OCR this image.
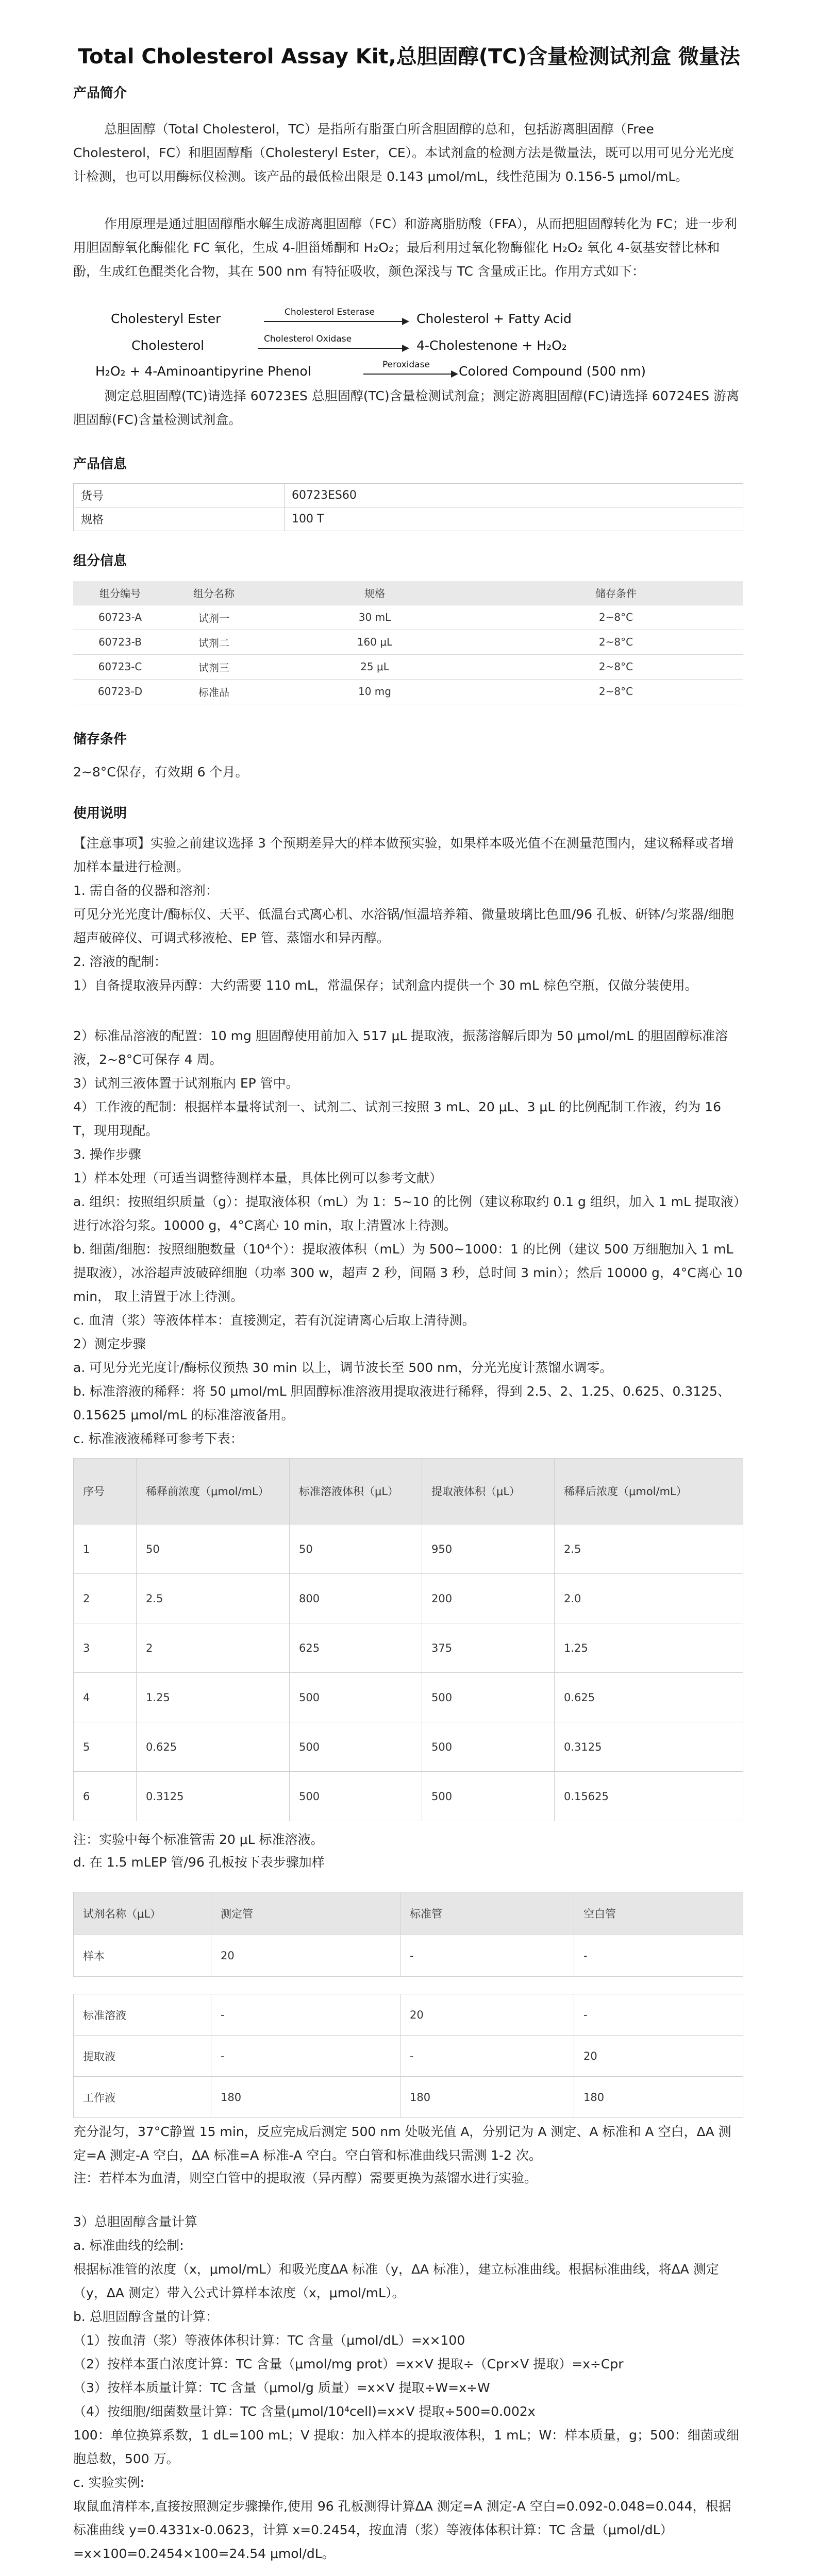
Total Cholesterol Assay Kit,总胆固醇(TC)含量检测试剂盒 微量法
产品简介
总胆固醇（Total Cholesterol，TC）是指所有脂蛋白所含胆固醇的总和，包括游离胆固醇（Free Cholesterol，FC）和胆固醇酯（Cholesteryl Ester，CE）。本试剂盒的检测方法是微量法，既可以用可见分光光度计检测，也可以用酶标仪检测。该产品的最低检出限是 0.143 μmol/mL，线性范围为 0.156-5 μmol/mL。
作用原理是通过胆固醇酯水解生成游离胆固醇（FC）和游离脂肪酸（FFA），从而把胆固醇转化为 FC；进一步利用胆固醇氧化酶催化 FC 氧化，生成 4-胆甾烯酮和 H₂O₂；最后利用过氧化物酶催化 H₂O₂ 氧化 4-氨基安替比林和酚，生成红色醌类化合物，其在 500 nm 有特征吸收，颜色深浅与 TC 含量成正比。作用方式如下：
Cholesteryl Ester	Cholesterol Esterase	Cholesterol + Fatty Acid
Cholesterol	Cholesterol Oxidase	4-Cholestenone + H₂O₂
H₂O₂ + 4-Aminoantipyrine Phenol	Peroxidase Colored Compound (500 nm)
测定总胆固醇(TC)请选择 60723ES 总胆固醇(TC)含量检测试剂盒；测定游离胆固醇(FC)请选择 60724ES 游离胆固醇(FC)含量检测试剂盒。
产品信息
货号	60723ES60
规格	100 T
组分信息
组分编号	组分名称	规格	储存条件
60723-A	试剂一	30 mL	2~8°C
60723-B	试剂二	160 μL	2~8°C
60723-C	试剂三	25 μL	2~8°C
60723-D	标准品	10 mg	2~8°C
储存条件
2~8°C保存，有效期 6 个月。
使用说明
【注意事项】实验之前建议选择 3 个预期差异大的样本做预实验，如果样本吸光值不在测量范围内，建议稀释或者增加样本量进行检测。
1. 需自备的仪器和溶剂：
可见分光光度计/酶标仪、天平、低温台式离心机、水浴锅/恒温培养箱、微量玻璃比色皿/96 孔板、研钵/匀浆器/细胞超声破碎仪、可调式移液枪、EP 管、蒸馏水和异丙醇。
2. 溶液的配制：
1）自备提取液异丙醇：大约需要 110 mL，常温保存；试剂盒内提供一个 30 mL 棕色空瓶，仅做分装使用。
2）标准品溶液的配置：10 mg 胆固醇使用前加入 517 μL 提取液，振荡溶解后即为 50 μmol/mL 的胆固醇标准溶液，2~8°C可保存 4 周。
3）试剂三液体置于试剂瓶内 EP 管中。
4）工作液的配制：根据样本量将试剂一、试剂二、试剂三按照 3 mL、20 μL、3 μL 的比例配制工作液，约为 16 T，现用现配。
3. 操作步骤
1）样本处理（可适当调整待测样本量，具体比例可以参考文献）
a. 组织：按照组织质量（g）：提取液体积（mL）为 1：5~10 的比例（建议称取约 0.1 g 组织，加入 1 mL 提取液）进行冰浴匀浆。10000 g，4°C离心 10 min，取上清置冰上待测。
b. 细菌/细胞：按照细胞数量（10⁴个）：提取液体积（mL）为 500~1000：1 的比例（建议 500 万细胞加入 1 mL 提取液），冰浴超声波破碎细胞（功率 300 w，超声 2 秒，间隔 3 秒，总时间 3 min）；然后 10000 g，4°C离心 10 min， 取上清置于冰上待测。
c. 血清（浆）等液体样本：直接测定，若有沉淀请离心后取上清待测。
2）测定步骤
a. 可见分光光度计/酶标仪预热 30 min 以上，调节波长至 500 nm，分光光度计蒸馏水调零。
b. 标准溶液的稀释：将 50 μmol/mL 胆固醇标准溶液用提取液进行稀释，得到 2.5、2、1.25、0.625、0.3125、0.15625 μmol/mL 的标准溶液备用。
c. 标准液液稀释可参考下表：
序号	稀释前浓度（μmol/mL）	标准溶液体积（μL）	提取液体积（μL）	稀释后浓度（μmol/mL）
1	50	50	950	2.5
2	2.5	800	200	2.0
3	2	625	375	1.25
4	1.25	500	500	0.625
5	0.625	500	500	0.3125
6	0.3125	500	500	0.15625
注：实验中每个标准管需 20 μL 标准溶液。
d. 在 1.5 mLEP 管/96 孔板按下表步骤加样
试剂名称（μL）	测定管	标准管	空白管
样本	20	-	-
标准溶液	-	20	-
提取液	-	-	20
工作液	180	180	180
充分混匀，37°C静置 15 min，反应完成后测定 500 nm 处吸光值 A，分别记为 A 测定、A 标准和 A 空白，ΔA 测定=A 测定-A 空白，ΔA 标准=A 标准-A 空白。空白管和标准曲线只需测 1-2 次。
注：若样本为血清，则空白管中的提取液（异丙醇）需要更换为蒸馏水进行实验。
3）总胆固醇含量计算
a. 标准曲线的绘制:
根据标准管的浓度（x，μmol/mL）和吸光度ΔA 标准（y，ΔA 标准），建立标准曲线。根据标准曲线，将ΔA 测定（y，ΔA 测定）带入公式计算样本浓度（x，μmol/mL）。
b. 总胆固醇含量的计算：
（1）按血清（浆）等液体体积计算：TC 含量（μmol/dL）=x×100
（2）按样本蛋白浓度计算：TC 含量（μmol/mg prot）=x×V 提取÷（Cpr×V 提取）=x÷Cpr
（3）按样本质量计算：TC 含量（μmol/g 质量）=x×V 提取÷W=x÷W
（4）按细胞/细菌数量计算：TC 含量(μmol/10⁴cell)=x×V 提取÷500=0.002x
100：单位换算系数，1 dL=100 mL；V 提取：加入样本的提取液体积，1 mL；W：样本质量，g；500：细菌或细胞总数，500 万。
c. 实验实例:
取鼠血清样本,直接按照测定步骤操作,使用 96 孔板测得计算ΔA 测定=A 测定-A 空白=0.092-0.048=0.044，根据标准曲线 y=0.4331x-0.0623，计算 x=0.2454，按血清（浆）等液体体积计算：TC 含量（μmol/dL）=x×100=0.2454×100=24.54 μmol/dL。
